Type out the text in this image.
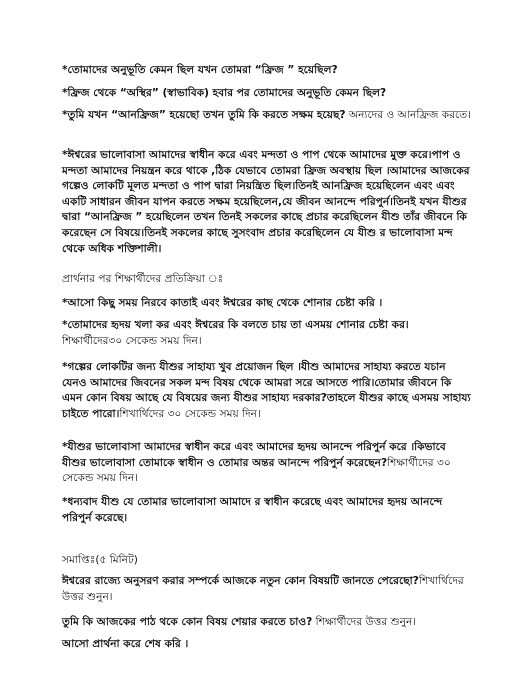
*তোমাদের অনুভূতি কেমন ছিল যখন তোমরা “ফ্রিজ ” হয়েছিল?

*ফ্রিজ থেকে “অস্থির” (স্বাভাবিক) হবার পর তোমাদের অনুভূতি কেমন ছিল?

*তুমি যখন “আনফ্রিজ” হয়েছো তখন তুমি কি করতে সক্ষম হয়েছ? অন্যদের ও আনফ্রিজ করতে।

*ঈশ্বরের ভালোবাসা আমাদের স্বাধীন করে এবং মন্দতা ও পাপ থেকে আমাদের মুক্ত করে।পাপ ও মন্দতা আমাদের নিয়ন্ত্রন করে থাকে ,ঠিক যেভাবে তোমরা ফ্রিজ অবস্থায় ছিল ।আমাদের আজকের গল্পেও লোকটি মূলত মন্দতা ও পাপ দ্বারা নিয়ন্ত্রিত ছিল।তিনই আনফ্রিজ হয়েছিলেন এবং এবং একটি সাধারন জীবন যাপন করতে সক্ষম হয়েছিলেন,যে জীবন আনন্দে পরিপুর্ন।তিনই যখন যীশুর দ্বারা “আনফ্রিজ ” হয়েছিলেন তখন তিনই সকলের কাছে প্রচার করেছিলেন যীশু তাঁর জীবনে কি করেছেন সে বিষয়ে।তিনই সকলের কাছে সুসংবাদ প্রচার করেছিলেন যে যীশু র ভালোবাসা মন্দ থেকে অধিক শক্তিশালী।

প্রার্থনার পর শিক্ষার্থীদের প্রতিক্রিয়া ঃ

*আসো কিছু সময় নিরবে কাতাই এবং ঈশ্বরের কাছ থেকে শোনার চেষ্টা করি ।

*তোমাদের হৃদয় খলা কর এবং ঈশ্বরের কি বলতে চায় তা এসময় শোনার চেষ্টা কর।
শিক্ষার্থীদের৩০ সেকেন্ড সময় দিন।

*গল্পের লোকটির জন্য যীশুর সাহায্য খুব প্রয়োজন ছিল ।যীশু আমাদের সাহায্য করতে যচান যেনও আমাদের জিবনের সকল মন্দ বিষয় থেকে আমরা সরে আসতে পারি।তোমার জীবনে কি এমন কোন বিষয় আছে যে বিষয়ের জন্য যীশুর সাহায্য দরকার?তাহলে যীশুর কাছে এসময় সাহায্য চাইতে পারো।শিখার্থিদের ৩০ সেকেন্ড সময় দিন।

*যীশুর ভালোবাসা আমাদের স্বাধীন করে এবং আমাদের হৃদয় আনন্দে পরিপুর্ন করে ।কিভাবে যীশুর ভালোবাসা তোমাকে স্বাধীন ও তোমার অন্তর আনন্দে পরিপুর্ন করেছেন?শিক্ষার্থীদের ৩০ সেকেন্ড সময় দিন।

*ধন্যবাদ যীশু যে তোমার ভালোবাসা আমাদে র স্বাধীন করেছে এবং আমাদের হৃদয় আনন্দে পরিপুর্ন করেছে।

সমাপ্তিঃ(৫ মিনিট)

ঈশ্বরের রাজ্যে অনুসরণ করার সম্পর্কে আজকে নতুন কোন বিষয়টি জানতে পেরেছো?শিখার্থিদের উত্তর শুনুন।

তুমি কি আজকের পাঠ থকে কোন বিষয় শেয়ার করতে চাও? শিক্ষার্থীদের উত্তর শুনুন।

আসো প্রার্থনা করে শেষ করি ।
